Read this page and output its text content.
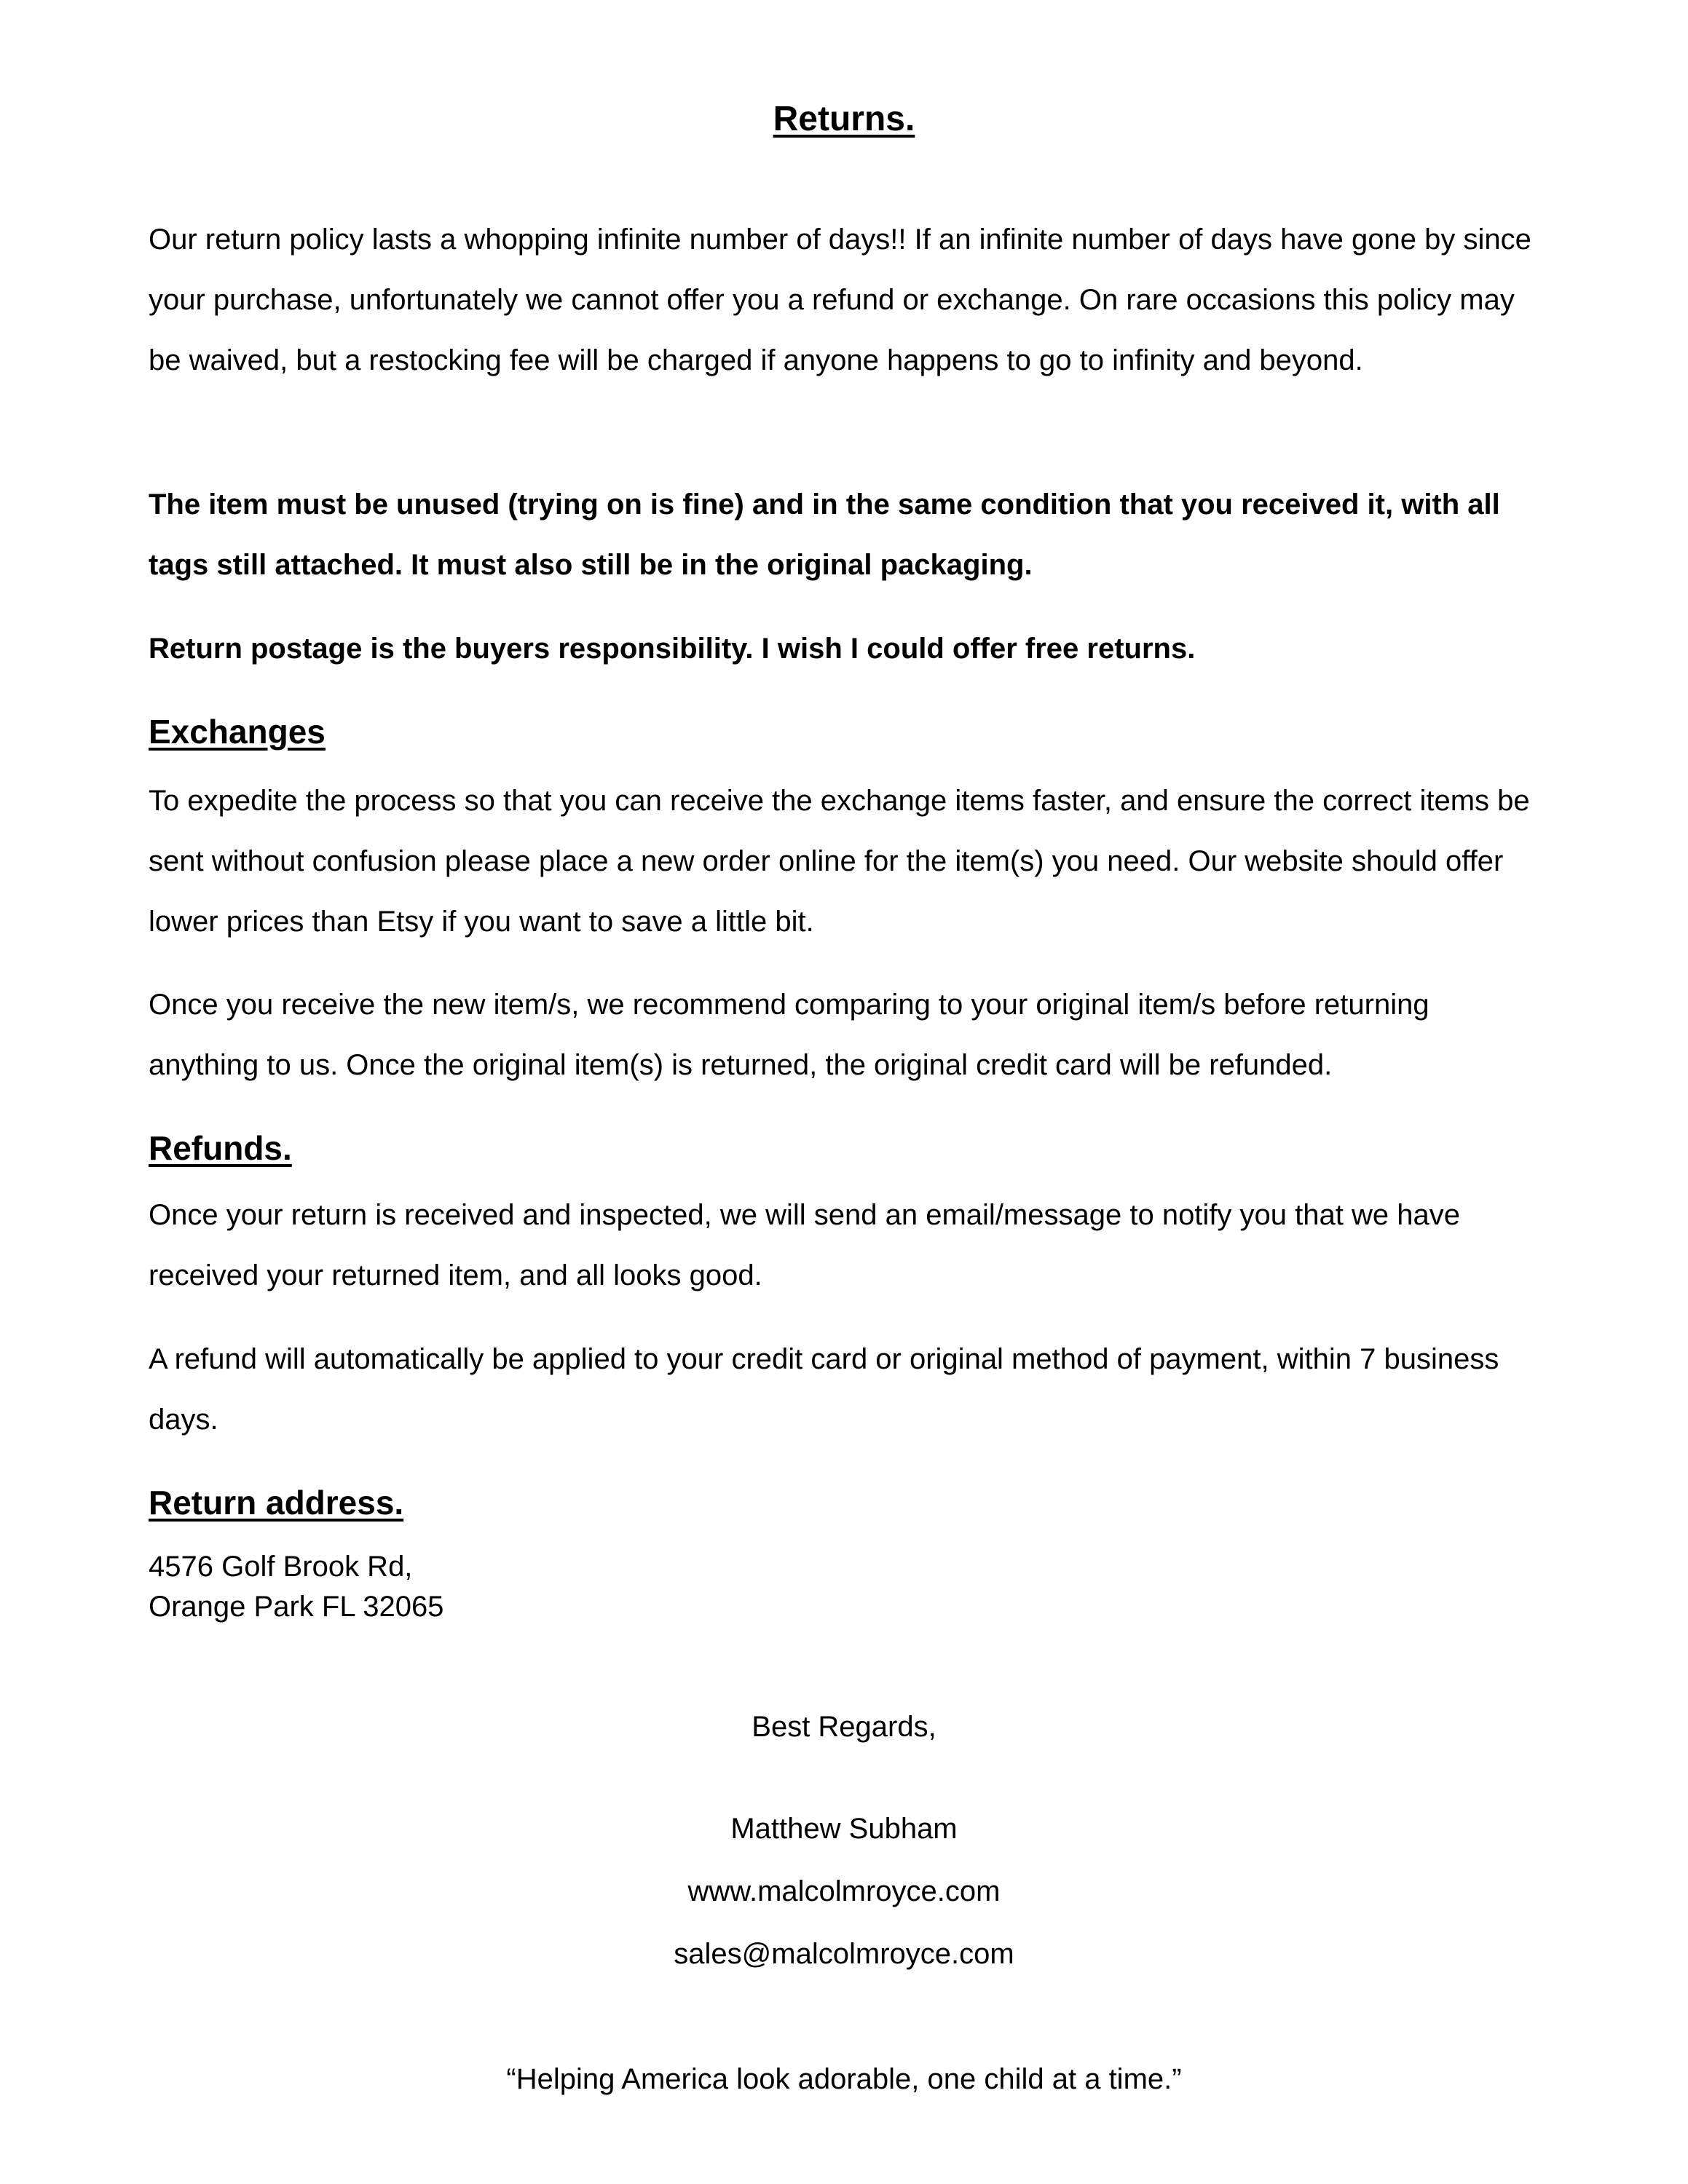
Returns.

Our return policy lasts a whopping infinite number of days!! If an infinite number of days have gone by since your purchase, unfortunately we cannot offer you a refund or exchange. On rare occasions this policy may be waived, but a restocking fee will be charged if anyone happens to go to infinity and beyond.

The item must be unused (trying on is fine) and in the same condition that you received it, with all tags still attached. It must also still be in the original packaging.

Return postage is the buyers responsibility. I wish I could offer free returns.

Exchanges

To expedite the process so that you can receive the exchange items faster, and ensure the correct items be sent without confusion please place a new order online for the item(s) you need. Our website should offer lower prices than Etsy if you want to save a little bit.

Once you receive the new item/s, we recommend comparing to your original item/s before returning anything to us. Once the original item(s) is returned, the original credit card will be refunded.

Refunds.

Once your return is received and inspected, we will send an email/message to notify you that we have received your returned item, and all looks good.

A refund will automatically be applied to your credit card or original method of payment, within 7 business days.

Return address.
4576 Golf Brook Rd,
Orange Park FL 32065
Best Regards,
Matthew Subham
www.malcolmroyce.com
sales@malcolmroyce.com
“Helping America look adorable, one child at a time.”
